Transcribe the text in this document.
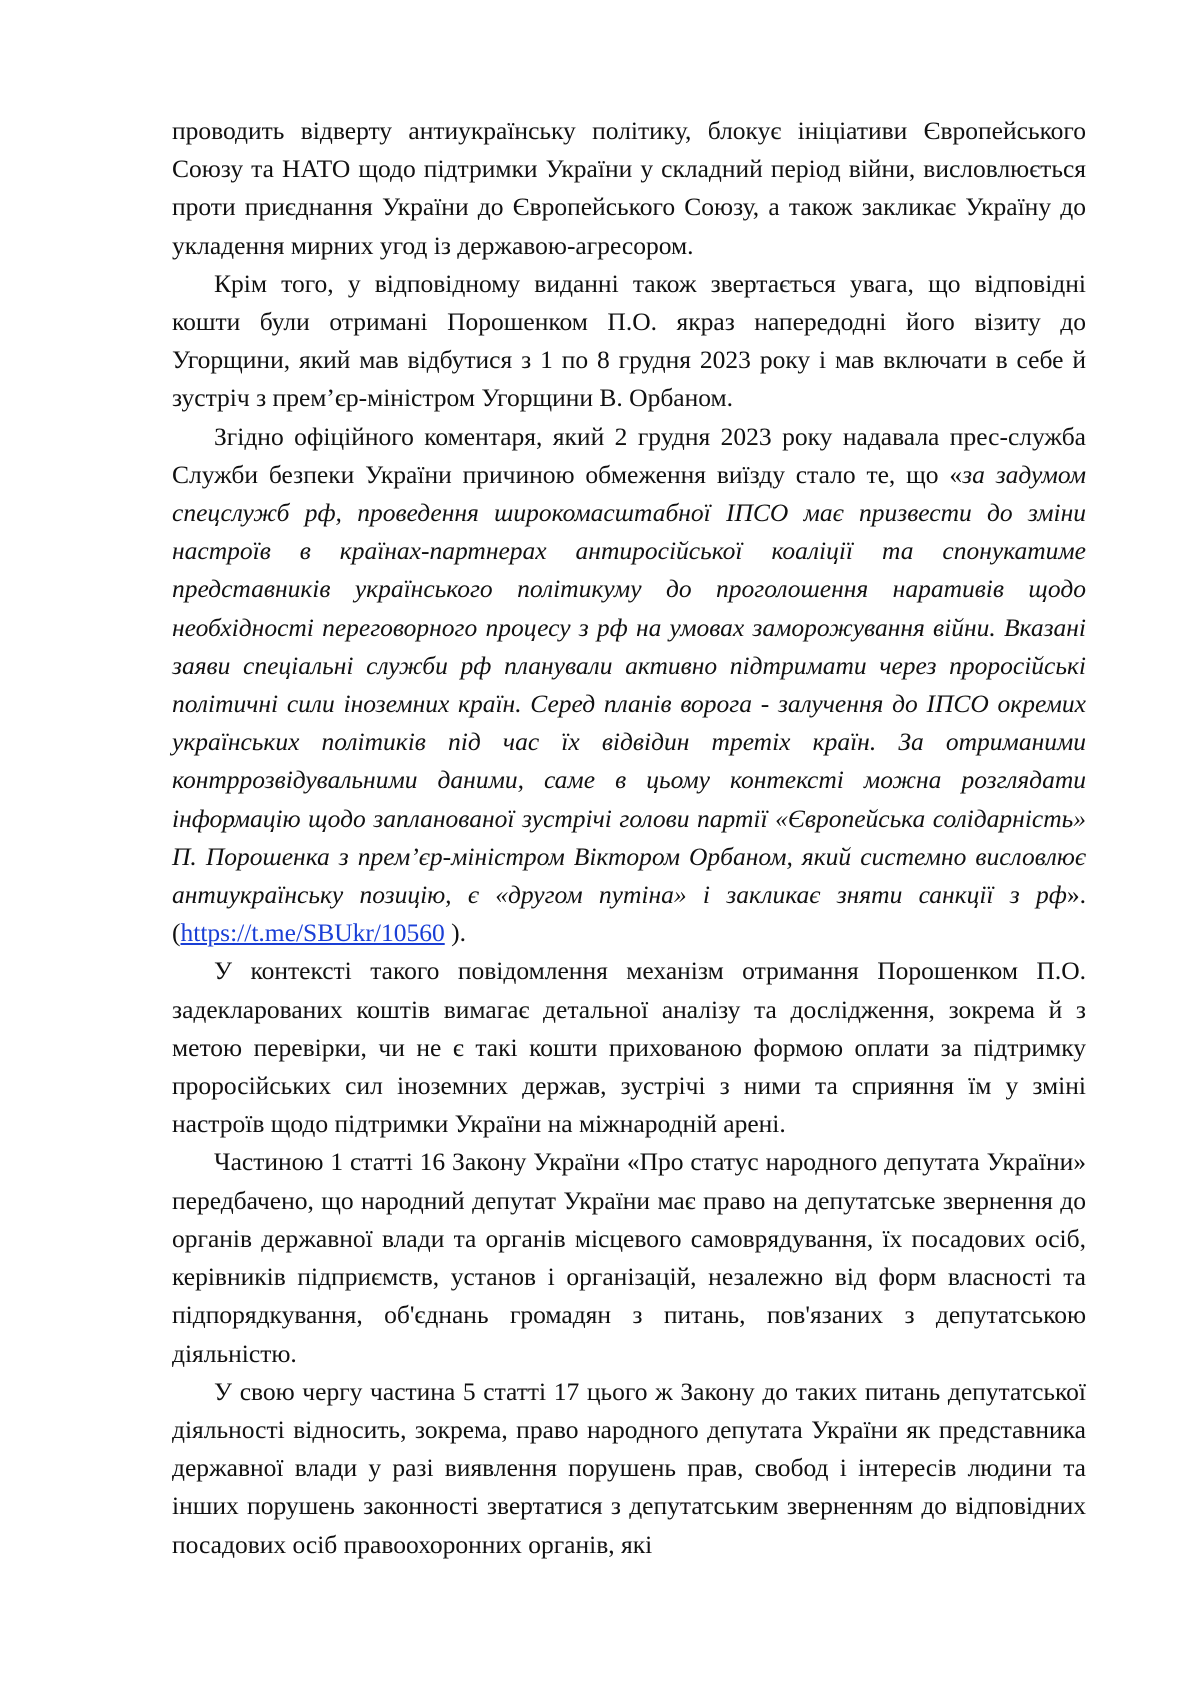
проводить відверту антиукраїнську політику, блокує ініціативи Європейського Союзу та НАТО щодо підтримки України у складний період війни, висловлюється проти приєднання України до Європейського Союзу, а також закликає Україну до укладення мирних угод із державою-агресором.

Крім того, у відповідному виданні також звертається увага, що відповідні кошти були отримані Порошенком П.О. якраз напередодні його візиту до Угорщини, який мав відбутися з 1 по 8 грудня 2023 року і мав включати в себе й зустріч з прем’єр-міністром Угорщини В. Орбаном.

Згідно офіційного коментаря, який 2 грудня 2023 року надавала прес-служба Служби безпеки України причиною обмеження виїзду стало те, що «за задумом спецслужб рф, проведення широкомасштабної ІПСО має призвести до зміни настроїв в країнах-партнерах антиросійської коаліції та спонукатиме представників українського політикуму до проголошення наративів щодо необхідності переговорного процесу з рф на умовах заморожування війни. Вказані заяви спеціальні служби рф планували активно підтримати через проросійські політичні сили іноземних країн. Серед планів ворога - залучення до ІПСО окремих українських політиків під час їх відвідин третіх країн. За отриманими контррозвідувальними даними, саме в цьому контексті можна розглядати інформацію щодо запланованої зустрічі голови партії «Європейська солідарність» П. Порошенка з прем’єр-міністром Віктором Орбаном, який системно висловлює антиукраїнську позицію, є «другом путіна» і закликає зняти санкції з рф». (https://t.me/SBUkr/10560 ).

У контексті такого повідомлення механізм отримання Порошенком П.О. задекларованих коштів вимагає детальної аналізу та дослідження, зокрема й з метою перевірки, чи не є такі кошти прихованою формою оплати за підтримку проросійських сил іноземних держав, зустрічі з ними та сприяння їм у зміні настроїв щодо підтримки України на міжнародній арені.

Частиною 1 статті 16 Закону України «Про статус народного депутата України» передбачено, що народний депутат України має право на депутатське звернення до органів державної влади та органів місцевого самоврядування, їх посадових осіб, керівників підприємств, установ і організацій, незалежно від форм власності та підпорядкування, об'єднань громадян з питань, пов'язаних з депутатською діяльністю.

У свою чергу частина 5 статті 17 цього ж Закону до таких питань депутатської діяльності відносить, зокрема, право народного депутата України як представника державної влади у разі виявлення порушень прав, свобод і інтересів людини та інших порушень законності звертатися з депутатським зверненням до відповідних посадових осіб правоохоронних органів, які
